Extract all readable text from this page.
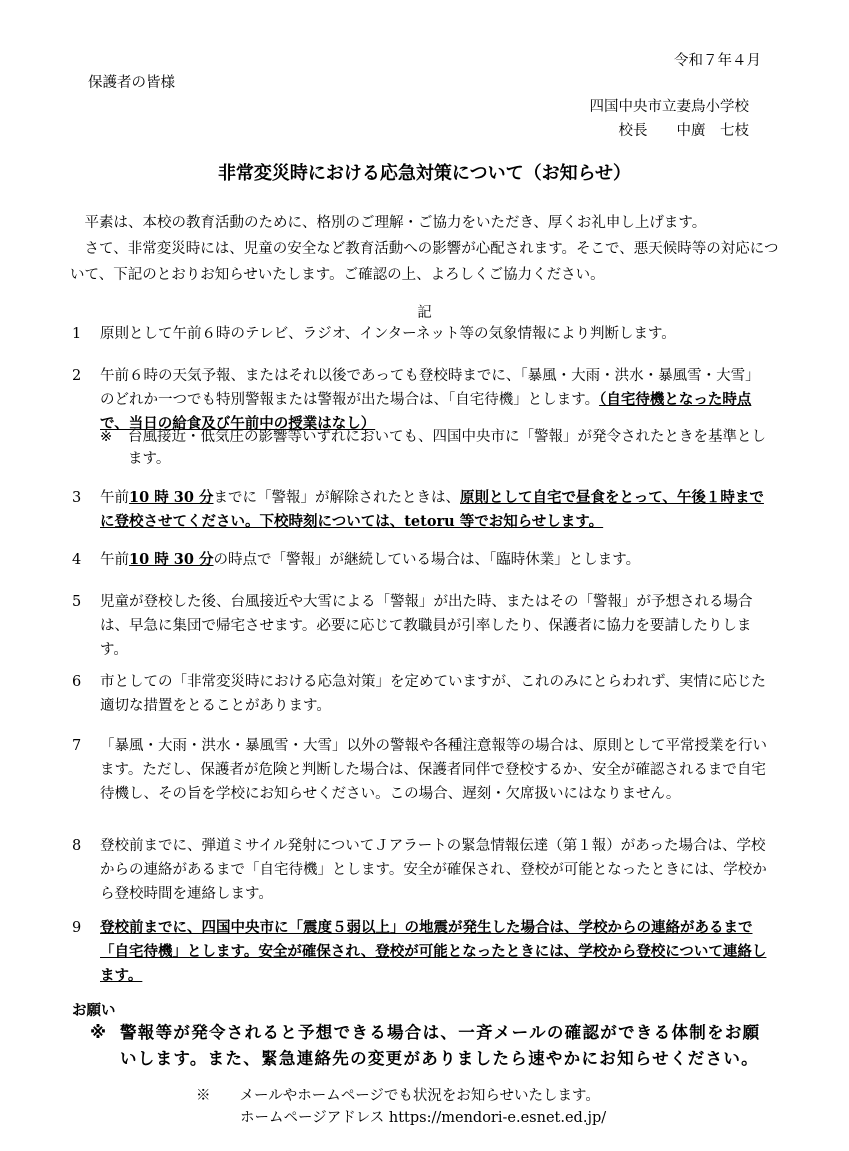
令和７年４月
保護者の皆様
四国中央市立妻鳥小学校
校長　　中廣　七枝
非常変災時における応急対策について（お知らせ）

平素は、本校の教育活動のために、格別のご理解・ご協力をいただき、厚くお礼申し上げます。

さて、非常変災時には、児童の安全など教育活動への影響が心配されます。そこで、悪天候時等の対応について、下記のとおりお知らせいたします。ご確認の上、よろしくご協力ください。

記
1	原則として午前６時のテレビ、ラジオ、インターネット等の気象情報により判断します。
2	午前６時の天気予報、またはそれ以後であっても登校時までに、「暴風・大雨・洪水・暴風雪・大雪」のどれか一つでも特別警報または警報が出た場合は、「自宅待機」とします。（自宅待機となった時点で、当日の給食及び午前中の授業はなし）
※ 台風接近・低気圧の影響等いずれにおいても、四国中央市に「警報」が発令されたときを基準とします。
3	午前10 時 30 分までに「警報」が解除されたときは、原則として自宅で昼食をとって、午後１時までに登校させてください。下校時刻については、tetoru 等でお知らせします。
4	午前10 時 30 分の時点で「警報」が継続している場合は、「臨時休業」とします。
5	児童が登校した後、台風接近や大雪による「警報」が出た時、またはその「警報」が予想される場合は、早急に集団で帰宅させます。必要に応じて教職員が引率したり、保護者に協力を要請したりします。
6	市としての「非常変災時における応急対策」を定めていますが、これのみにとらわれず、実情に応じた適切な措置をとることがあります。
7	「暴風・大雨・洪水・暴風雪・大雪」以外の警報や各種注意報等の場合は、原則として平常授業を行います。ただし、保護者が危険と判断した場合は、保護者同伴で登校するか、安全が確認されるまで自宅待機し、その旨を学校にお知らせください。この場合、遅刻・欠席扱いにはなりません。
8	登校前までに、弾道ミサイル発射についてＪアラートの緊急情報伝達（第１報）があった場合は、学校からの連絡があるまで「自宅待機」とします。安全が確保され、登校が可能となったときには、学校から登校時間を連絡します。
9	登校前までに、四国中央市に「震度５弱以上」の地震が発生した場合は、学校からの連絡があるまで「自宅待機」とします。安全が確保され、登校が可能となったときには、学校から登校について連絡します。
お願い
※ 警報等が発令されると予想できる場合は、一斉メールの確認ができる体制をお願いします。また、緊急連絡先の変更がありましたら速やかにお知らせください。
※　　メールやホームページでも状況をお知らせいたします。
ホームページアドレス https://mendori-e.esnet.ed.jp/
